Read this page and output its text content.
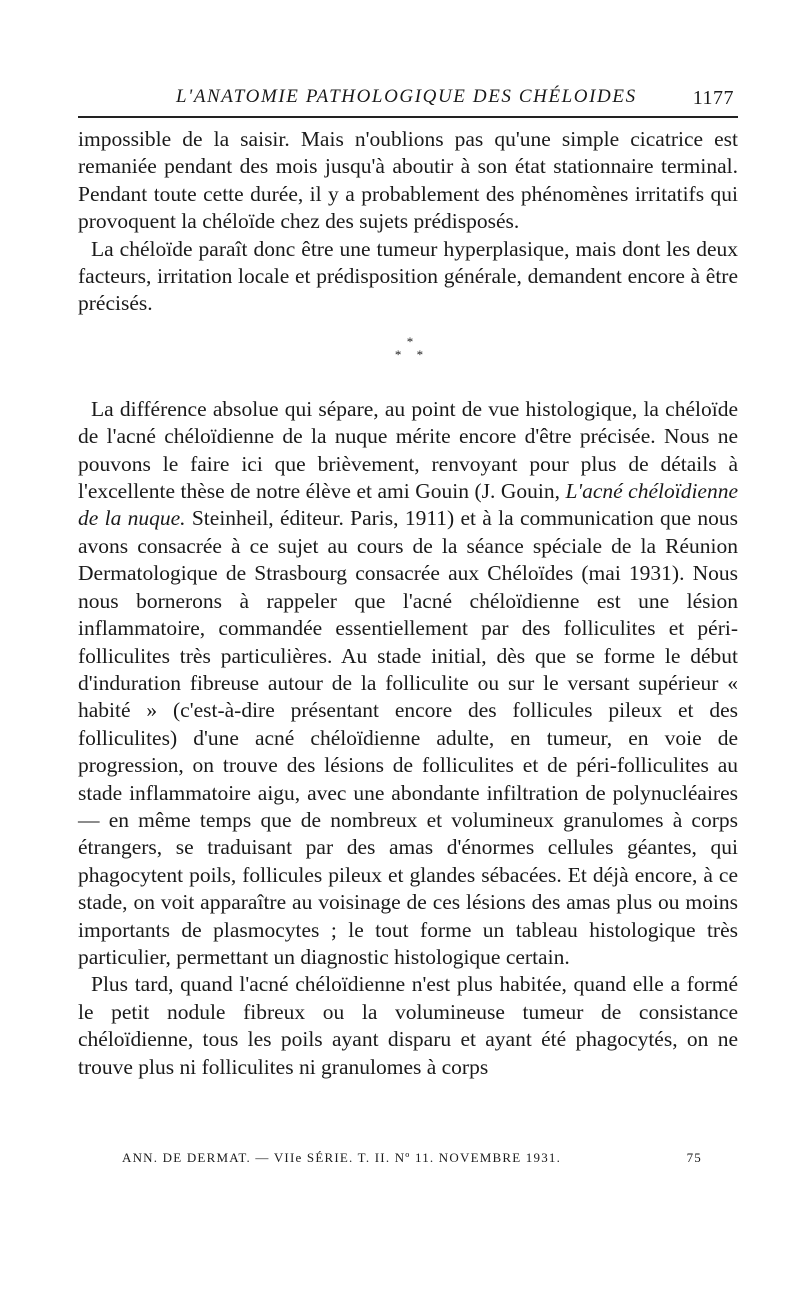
L'ANATOMIE PATHOLOGIQUE DES CHÉLOIDES	1177

impossible de la saisir. Mais n'oublions pas qu'une simple cicatrice est remaniée pendant des mois jusqu'à aboutir à son état stationnaire terminal. Pendant toute cette durée, il y a probablement des phénomènes irritatifs qui provoquent la chéloïde chez des sujets prédisposés.

La chéloïde paraît donc être une tumeur hyperplasique, mais dont les deux facteurs, irritation locale et prédisposition générale, demandent encore à être précisés.

*
* *

La différence absolue qui sépare, au point de vue histologique, la chéloïde de l'acné chéloïdienne de la nuque mérite encore d'être précisée. Nous ne pouvons le faire ici que brièvement, renvoyant pour plus de détails à l'excellente thèse de notre élève et ami Gouin (J. Gouin, L'acné chéloïdienne de la nuque. Steinheil, éditeur. Paris, 1911) et à la communication que nous avons consacrée à ce sujet au cours de la séance spéciale de la Réunion Dermatologique de Strasbourg consacrée aux Chéloïdes (mai 1931). Nous nous bornerons à rappeler que l'acné chéloïdienne est une lésion inflammatoire, commandée essentiellement par des folliculites et péri-folliculites très particulières. Au stade initial, dès que se forme le début d'induration fibreuse autour de la folliculite ou sur le versant supérieur « habité » (c'est-à-dire présentant encore des follicules pileux et des folliculites) d'une acné chéloïdienne adulte, en tumeur, en voie de progression, on trouve des lésions de folliculites et de péri-folliculites au stade inflammatoire aigu, avec une abondante infiltration de polynucléaires — en même temps que de nombreux et volumineux granulomes à corps étrangers, se traduisant par des amas d'énormes cellules géantes, qui phagocytent poils, follicules pileux et glandes sébacées. Et déjà encore, à ce stade, on voit apparaître au voisinage de ces lésions des amas plus ou moins importants de plasmocytes ; le tout forme un tableau histologique très particulier, permettant un diagnostic histologique certain.

Plus tard, quand l'acné chéloïdienne n'est plus habitée, quand elle a formé le petit nodule fibreux ou la volumineuse tumeur de consistance chéloïdienne, tous les poils ayant disparu et ayant été phagocytés, on ne trouve plus ni folliculites ni granulomes à corps

ANN. DE DERMAT. — VIIe SÉRIE. T. II. Nº 11. NOVEMBRE 1931.	75
